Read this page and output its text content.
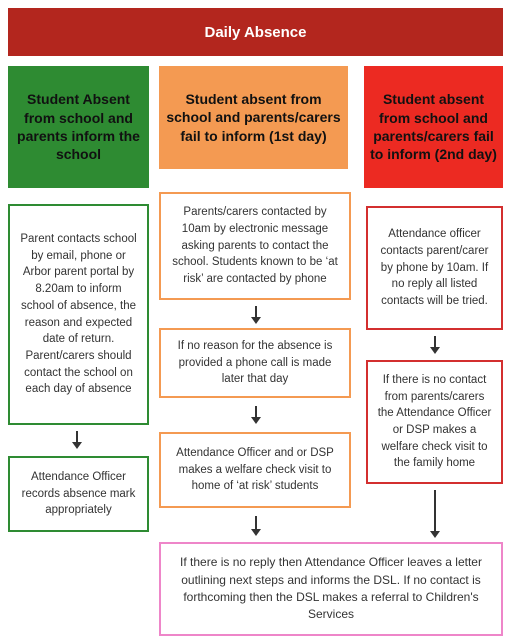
Daily Absence
Student Absent from school and parents inform the school
Student absent from school and parents/carers fail to inform (1st day)
Student absent from school and parents/carers fail to inform (2nd day)
Parent contacts school by email, phone or Arbor parent portal by 8.20am to inform school of absence, the reason and expected date of return. Parent/carers should contact the school on each day of absence
Attendance Officer records absence mark appropriately
Parents/carers contacted by 10am by electronic message asking parents to contact the school. Students known to be ‘at risk’ are contacted by phone
If no reason for the absence is provided a phone call is made later that day
Attendance Officer and or DSP makes a welfare check visit to home of ‘at risk’ students
Attendance officer contacts parent/carer by phone by 10am. If no reply all listed contacts will be tried.
If there is no contact from parents/carers the Attendance Officer or DSP makes a welfare check visit to the family home
If there is no reply then Attendance Officer leaves a letter outlining next steps and informs the DSL. If no contact is forthcoming then the DSL makes a referral to Children's Services
